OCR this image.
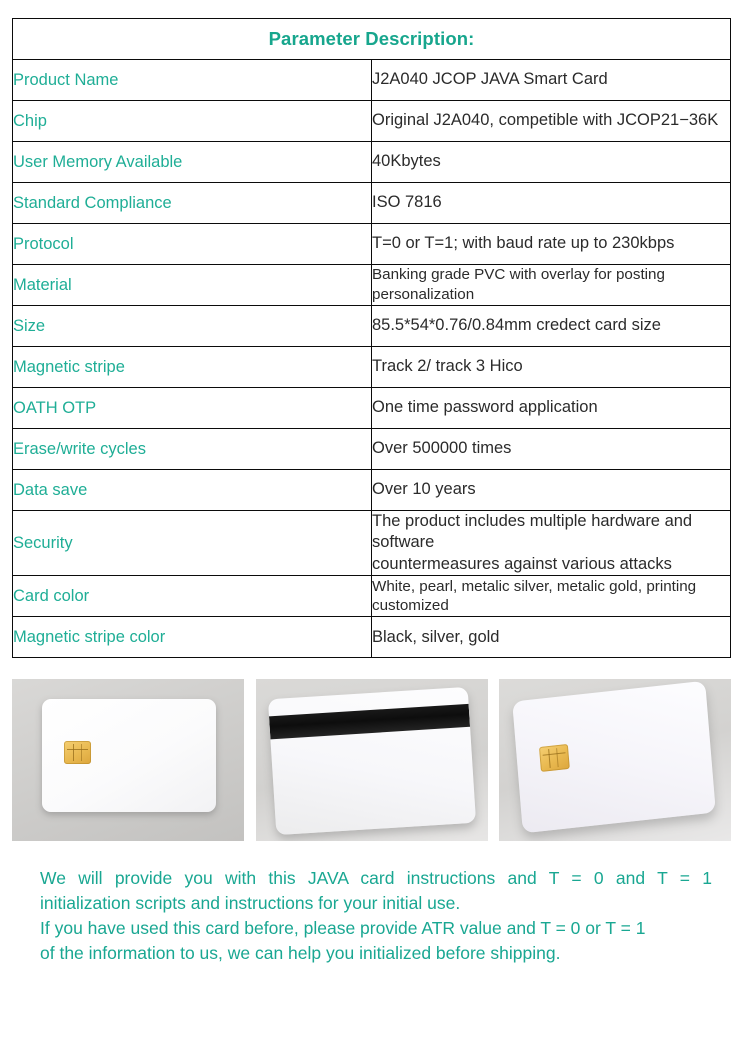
Parameter Description:	
Product Name	J2A040 JCOP JAVA Smart Card
Chip	Original J2A040, competible with JCOP21−36K
User Memory Available	40Kbytes
Standard Compliance	ISO 7816
Protocol	T=0 or T=1; with baud rate up to 230kbps
Material	Banking grade PVC with overlay for posting personalization
Size	85.5*54*0.76/0.84mm credect card size
Magnetic stripe	Track 2/ track 3 Hico
OATH OTP	One time password application
Erase/write cycles	Over 500000 times
Data save	Over 10 years
Security	The product includes multiple hardware and software
countermeasures against various attacks

Card color	White, pearl, metalic silver, metalic gold, printing customized
Magnetic stripe color	Black, silver, gold

We will provide you with this JAVA card instructions and T = 0 and T = 1

initialization scripts and instructions for your initial use.

If you have used this card before, please provide ATR value and T = 0 or T = 1

of the information to us, we can help you initialized before shipping.
